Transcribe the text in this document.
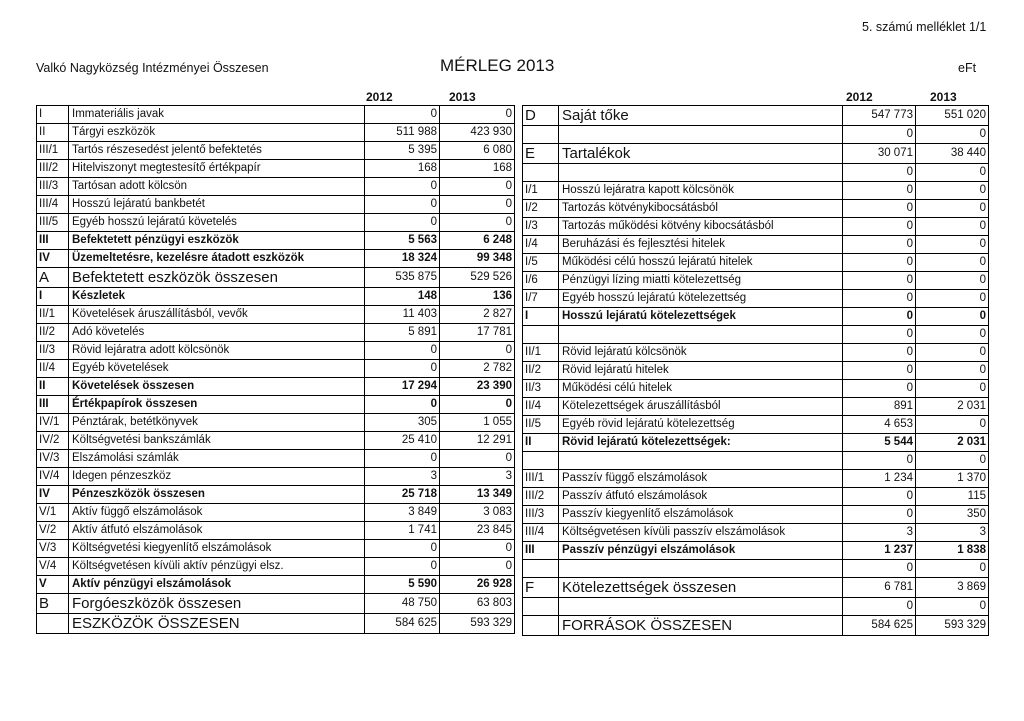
5. számú melléklet 1/1
Valkó Nagyközség Intézményei Összesen	MÉRLEG 2013	eFt
2012	2013	2012	2013
I	Immateriális javak	0	0
II	Tárgyi eszközök	511 988	423 930
III/1	Tartós részesedést jelentő befektetés	5 395	6 080
III/2	Hitelviszonyt megtestesítő értékpapír	168	168
III/3	Tartósan adott kölcsön	0	0
III/4	Hosszú lejáratú bankbetét	0	0
III/5	Egyéb hosszú lejáratú követelés	0	0
III	Befektetett pénzügyi eszközök	5 563	6 248
IV	Üzemeltetésre, kezelésre átadott eszközök	18 324	99 348
A	Befektetett eszközök összesen	535 875	529 526
I	Készletek	148	136
II/1	Követelések áruszállításból, vevők	11 403	2 827
II/2	Adó követelés	5 891	17 781
II/3	Rövid lejáratra adott kölcsönök	0	0
II/4	Egyéb követelések	0	2 782
II	Követelések összesen	17 294	23 390
III	Értékpapírok összesen	0	0
IV/1	Pénztárak, betétkönyvek	305	1 055
IV/2	Költségvetési bankszámlák	25 410	12 291
IV/3	Elszámolási számlák	0	0
IV/4	Idegen pénzeszköz	3	3
IV	Pénzeszközök összesen	25 718	13 349
V/1	Aktív függő elszámolások	3 849	3 083
V/2	Aktív átfutó elszámolások	1 741	23 845
V/3	Költségvetési kiegyenlítő elszámolások	0	0
V/4	Költségvetésen kívüli aktív pénzügyi elsz.	0	0
V	Aktív pénzügyi elszámolások	5 590	26 928
B	Forgóeszközök összesen	48 750	63 803
	ESZKÖZÖK ÖSSZESEN	584 625	593 329
D	Saját tőke	547 773	551 020
		0	0
E	Tartalékok	30 071	38 440
		0	0
I/1	Hosszú lejáratra kapott kölcsönök	0	0
I/2	Tartozás kötvénykibocsátásból	0	0
I/3	Tartozás működési kötvény kibocsátásból	0	0
I/4	Beruházási és fejlesztési hitelek	0	0
I/5	Működési célú hosszú lejáratú hitelek	0	0
I/6	Pénzügyi lízing miatti kötelezettség	0	0
I/7	Egyéb hosszú lejáratú kötelezettség	0	0
I	Hosszú lejáratú kötelezettségek	0	0
		0	0
II/1	Rövid lejáratú kölcsönök	0	0
II/2	Rövid lejáratú hitelek	0	0
II/3	Működési célú hitelek	0	0
II/4	Kötelezettségek áruszállításból	891	2 031
II/5	Egyéb rövid lejáratú kötelezettség	4 653	0
II	Rövid lejáratú kötelezettségek:	5 544	2 031
		0	0
III/1	Passzív függő elszámolások	1 234	1 370
III/2	Passzív átfutó elszámolások	0	115
III/3	Passzív kiegyenlítő elszámolások	0	350
III/4	Költségvetésen kívüli passzív elszámolások	3	3
III	Passzív pénzügyi elszámolások	1 237	1 838
		0	0
F	Kötelezettségek összesen	6 781	3 869
		0	0
	FORRÁSOK ÖSSZESEN	584 625	593 329
